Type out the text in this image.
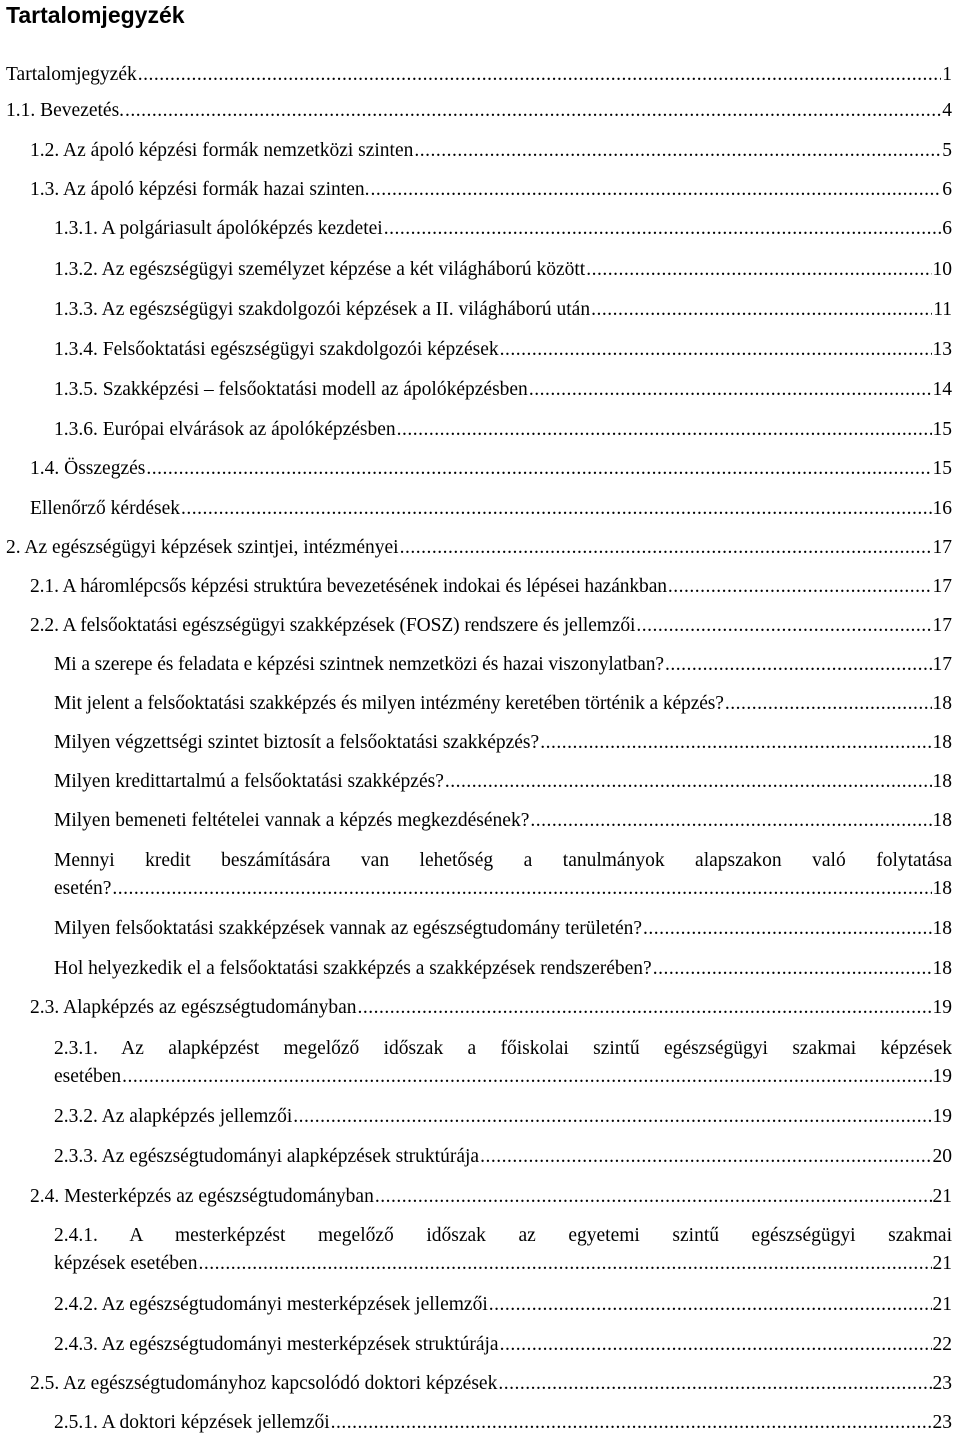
Tartalomjegyzék
Tartalomjegyzék .....	1
1.1. Bevezetés. .....	4
1.2. Az ápoló képzési formák nemzetközi szinten .....	5
1.3. Az ápoló képzési formák hazai szinten. .....	6
1.3.1. A polgáriasult ápolóképzés kezdetei .....	6
1.3.2. Az egészségügyi személyzet képzése a két világháború között .....	10
1.3.3. Az egészségügyi szakdolgozói képzések a II. világháború után .....	11
1.3.4. Felsőoktatási egészségügyi szakdolgozói képzések .....	13
1.3.5. Szakképzési – felsőoktatási modell az ápolóképzésben .....	14
1.3.6. Európai elvárások az ápolóképzésben .....	15
1.4. Összegzés .....	15
Ellenőrző kérdések .....	16
2. Az egészségügyi képzések szintjei, intézményei .....	17
2.1. A háromlépcsős képzési struktúra bevezetésének indokai és lépései hazánkban .....	17
2.2. A felsőoktatási egészségügyi szakképzések (FOSZ) rendszere és jellemzői .....	17
Mi a szerepe és feladata e képzési szintnek nemzetközi és hazai viszonylatban? .....	17
Mit jelent a felsőoktatási szakképzés és milyen intézmény keretében történik a képzés? .....	18
Milyen végzettségi szintet biztosít a felsőoktatási szakképzés? .....	18
Milyen kredittartalmú a felsőoktatási szakképzés? .....	18
Milyen bemeneti feltételei vannak a képzés megkezdésének? .....	18
Mennyi kredit beszámítására van lehetőség a tanulmányok alapszakon való folytatása
esetén? .....	18
Milyen felsőoktatási szakképzések vannak az egészségtudomány területén? .....	18
Hol helyezkedik el a felsőoktatási szakképzés a szakképzések rendszerében? .....	18
2.3. Alapképzés az egészségtudományban .....	19
2.3.1. Az alapképzést megelőző időszak a főiskolai szintű egészségügyi szakmai képzések
esetében .....	19
2.3.2. Az alapképzés jellemzői .....	19
2.3.3. Az egészségtudományi alapképzések struktúrája .....	20
2.4. Mesterképzés az egészségtudományban .....	21
2.4.1. A mesterképzést megelőző időszak az egyetemi szintű egészségügyi szakmai
képzések esetében .....	21
2.4.2. Az egészségtudományi mesterképzések jellemzői .....	21
2.4.3. Az egészségtudományi mesterképzések struktúrája .....	22
2.5. Az egészségtudományhoz kapcsolódó doktori képzések .....	23
2.5.1. A doktori képzések jellemzői .....	23
